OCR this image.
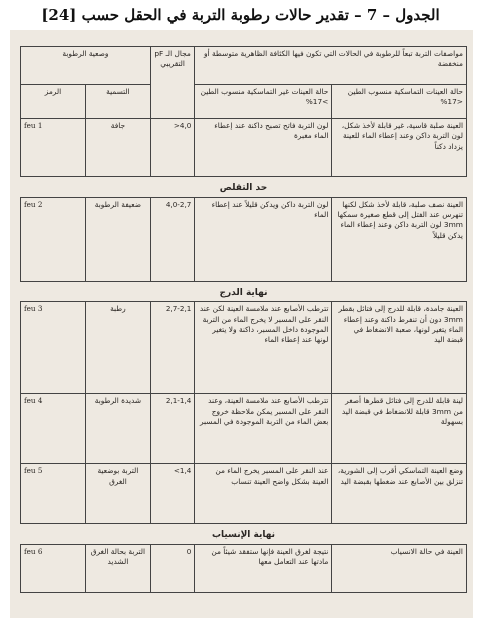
الجدول – 7 – تقدير حالات رطوبة التربة في الحقل حسب [24]
مواصفات التربة تبعاً للرطوبة في الحالات التي تكون فيها الكثافة الظاهرية متوسطة أو منخفضة		مجال الـ pF التقريبي	وصعية الرطوبة	
حالة العينات التماسكية منسوب الطين <17%	حالة العينات غير التماسكية منسوب الطين >17%		التسمية	الرمز
العينة صلبة قاسية، غير قابلة لأخذ شكل، لون التربة داكن وعند إعطاء الماء للعينة يزداد دكناً	لون التربة فاتح تصبح داكنة عند إعطاء الماء مغبرة	>4,0	جافة	feu 1
حد التقلص				
العينة نصف صلبة، قابلة لأخذ شكل لكنها تنهرس عند الفتل إلى قطع صغيرة سمكها 3mm لون التربة داكن وعند إعطاء الماء يدكن قليلاً	لون التربة داكن ويدكن قليلاً عند إعطاء الماء	4,0-2,7	ضعيفة الرطوبة	feu 2
نهاية الدرج				
العينة جامدة، قابلة للدرج إلى فتائل بقطر 3mm دون أن تنفرط داكنة وعند إعطاء الماء يتغير لونها، صعبة الانضغاط في قبضة اليد	تترطب الأصابع عند ملامسة العينة لكن عند النقر على المسبر لا يخرج الماء من التربة الموجودة داخل المسبر، داكنة ولا يتغير لونها عند إعطاء الماء	2,7-2,1	رطبة	feu 3
لينة قابلة للدرج إلى فتائل قطرها أصغر من 3mm قابلة للانضغاط في قبضة اليد بسهولة	تترطب الأصابع عند ملامسة العينة، وعند النقر على المسبر يمكن ملاحظة خروج بعض الماء من التربة الموجودة في المسبر	2,1-1,4	شديدة الرطوبة	feu 4
وضع العينة التماسكي أقرب إلى الشورية، تنزلق بين الأصابع عند ضغطها بقبضة اليد	عند النقر على المسبر يخرج الماء من العينة بشكل واضح العينة تنساب	<1,4	التربة بوضعية الغرق	feu 5
نهاية الإنسياب				
العينة في حالة الانسياب	نتيجة لغرق العينة فإنها ستفقد شيئاً من مادتها عند التعامل معها	0	التربة بحالة الغرق الشديد	feu 6
